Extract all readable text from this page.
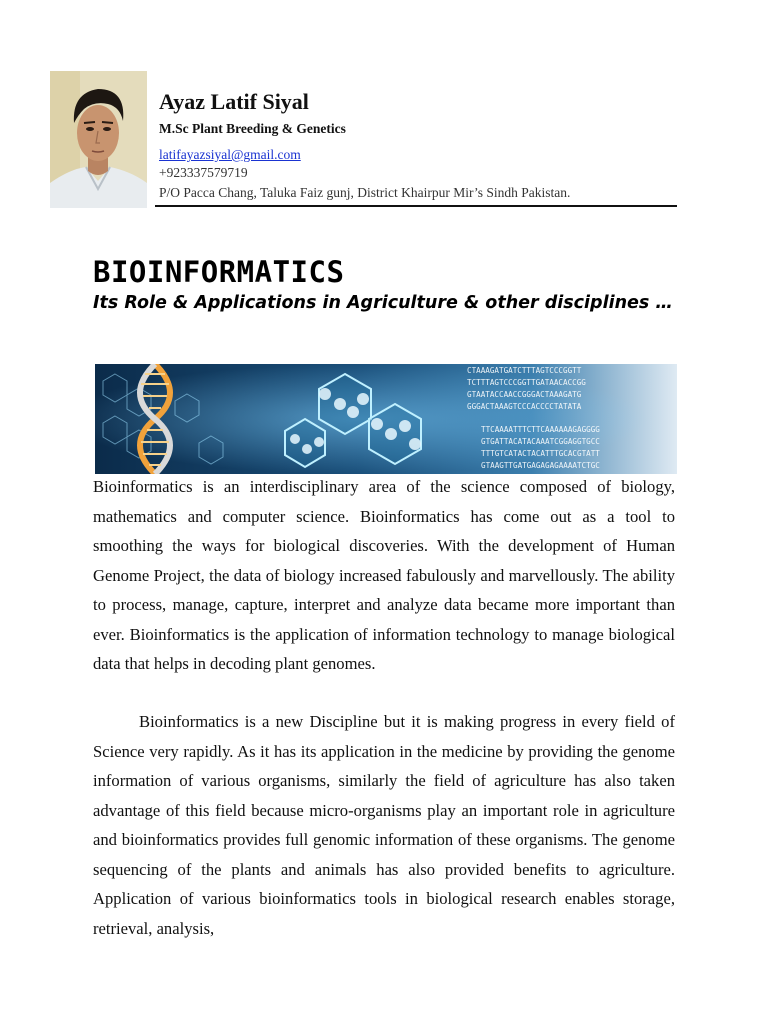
Ayaz Latif Siyal
M.Sc Plant Breeding & Genetics
latifayazsiyal@gmail.com
+923337579719
P/O Pacca Chang, Taluka Faiz gunj, District Khairpur Mir’s Sindh Pakistan.
BIOINFORMATICS
Its Role & Applications in Agriculture & other disciplines …
CTAAAGATGATCTTTAGTCCCGGTT
TCTTTAGTCCCGGTTGATAACACCGG
GTAATACCAACCGGGACTAAAGATG
GGGACTAAAGTCCCACCCCTATATA
TTCAAAATTTCTTCAAAAAAGAGGGG
GTGATTACATACAAATCGGAGGTGCC
TTTGTCATACTACATTTGCACGTATT
GTAAGTTGATGAGAGAGAAAATCTGC

Bioinformatics is an interdisciplinary area of the science composed of biology, mathematics and computer science. Bioinformatics has come out as a tool to smoothing the ways for biological discoveries. With the development of Human Genome Project, the data of biology increased fabulously and marvellously. The ability to process, manage, capture, interpret and analyze data became more important than ever. Bioinformatics is the application of information technology to manage biological data that helps in decoding plant genomes.

Bioinformatics is a new Discipline but it is making progress in every field of Science very rapidly. As it has its application in the medicine by providing the genome information of various organisms, similarly the field of agriculture has also taken advantage of this field because micro-organisms play an important role in agriculture and bioinformatics provides full genomic information of these organisms. The genome sequencing of the plants and animals has also provided benefits to agriculture. Application of various bioinformatics tools in biological research enables storage, retrieval, analysis,
